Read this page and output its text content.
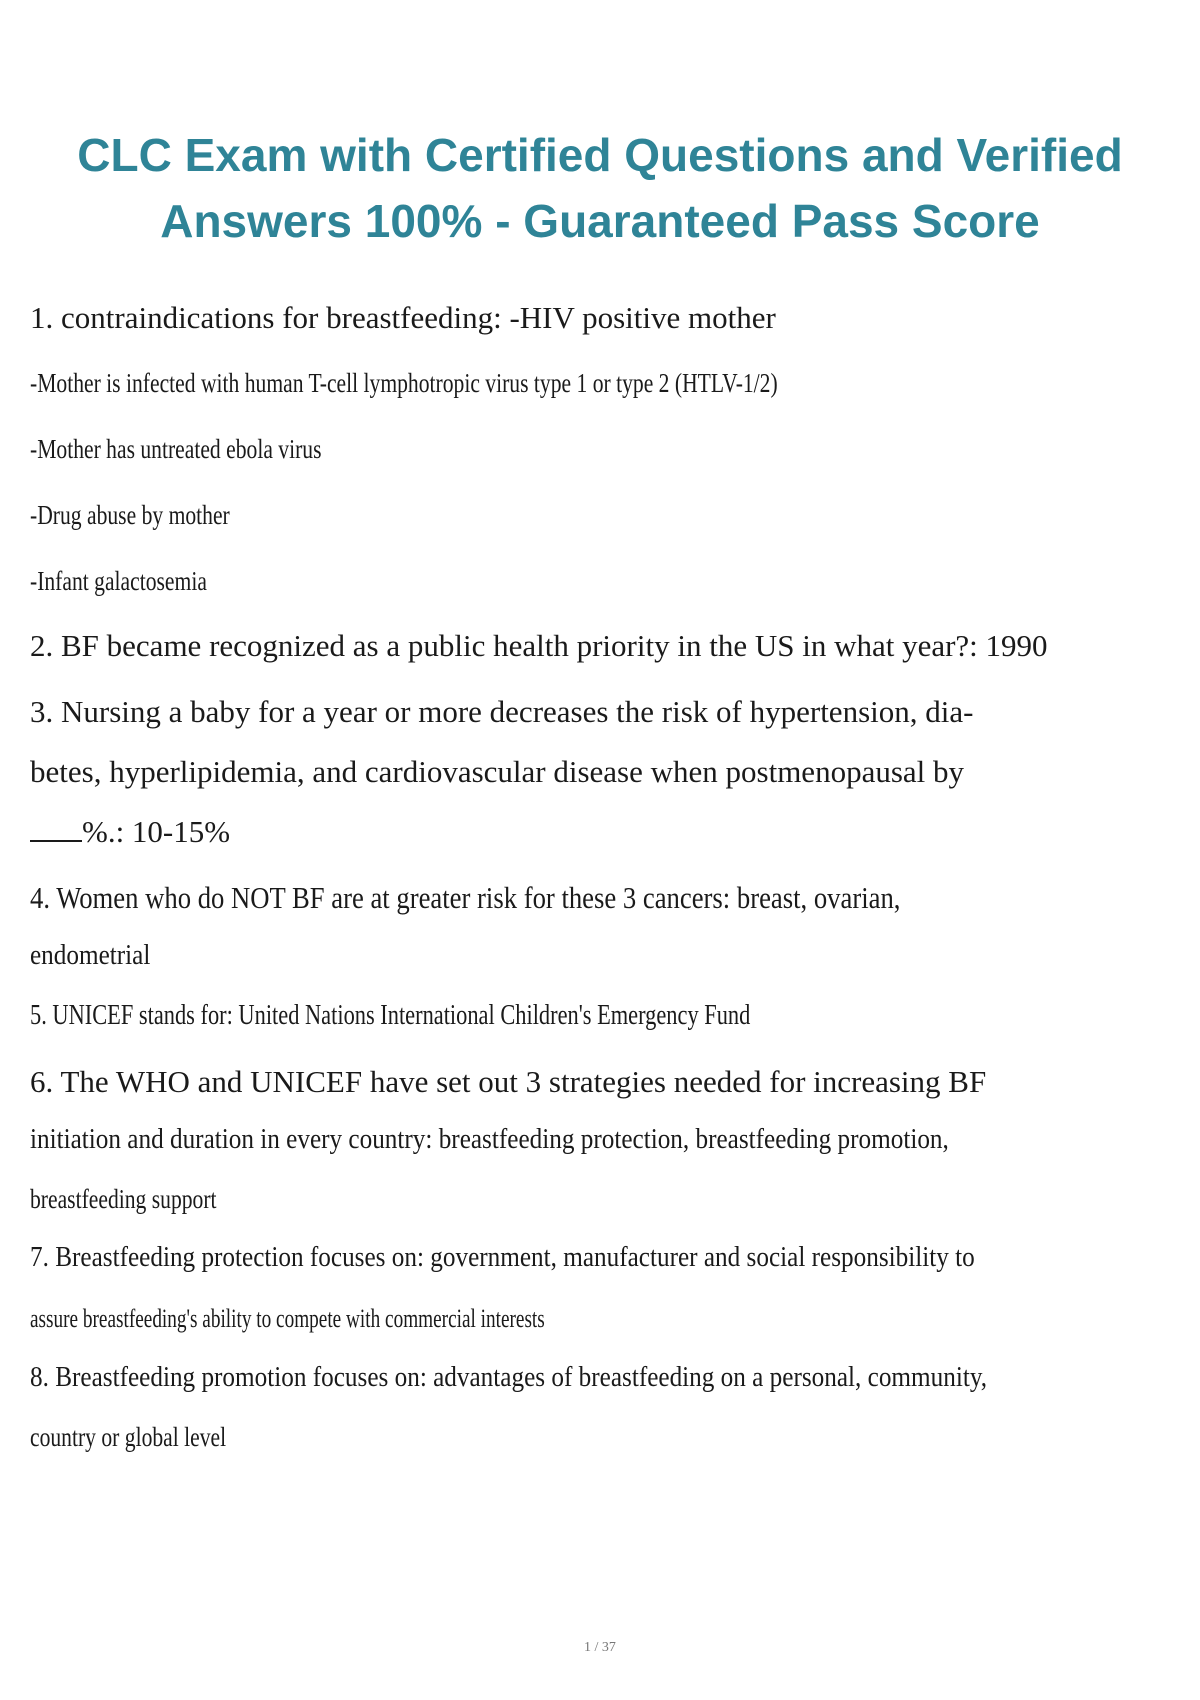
CLC Exam with Certified Questions and Verified
Answers 100% - Guaranteed Pass Score

1. contraindications for breastfeeding: -HIV positive mother

-Mother is infected with human T-cell lymphotropic virus type 1 or type 2 (HTLV-1/2)

-Mother has untreated ebola virus

-Drug abuse by mother

-Infant galactosemia

2. BF became recognized as a public health priority in the US in what year?: 1990

3. Nursing a baby for a year or more decreases the risk of hypertension, dia-

betes, hyperlipidemia, and cardiovascular disease when postmenopausal by

%.: 10-15%

4. Women who do NOT BF are at greater risk for these 3 cancers: breast, ovarian,

endometrial

5. UNICEF stands for: United Nations International Children's Emergency Fund

6. The WHO and UNICEF have set out 3 strategies needed for increasing BF

initiation and duration in every country: breastfeeding protection, breastfeeding promotion,

breastfeeding support

7. Breastfeeding protection focuses on: government, manufacturer and social responsibility to

assure breastfeeding's ability to compete with commercial interests

8. Breastfeeding promotion focuses on: advantages of breastfeeding on a personal, community,

country or global level

1 / 37
